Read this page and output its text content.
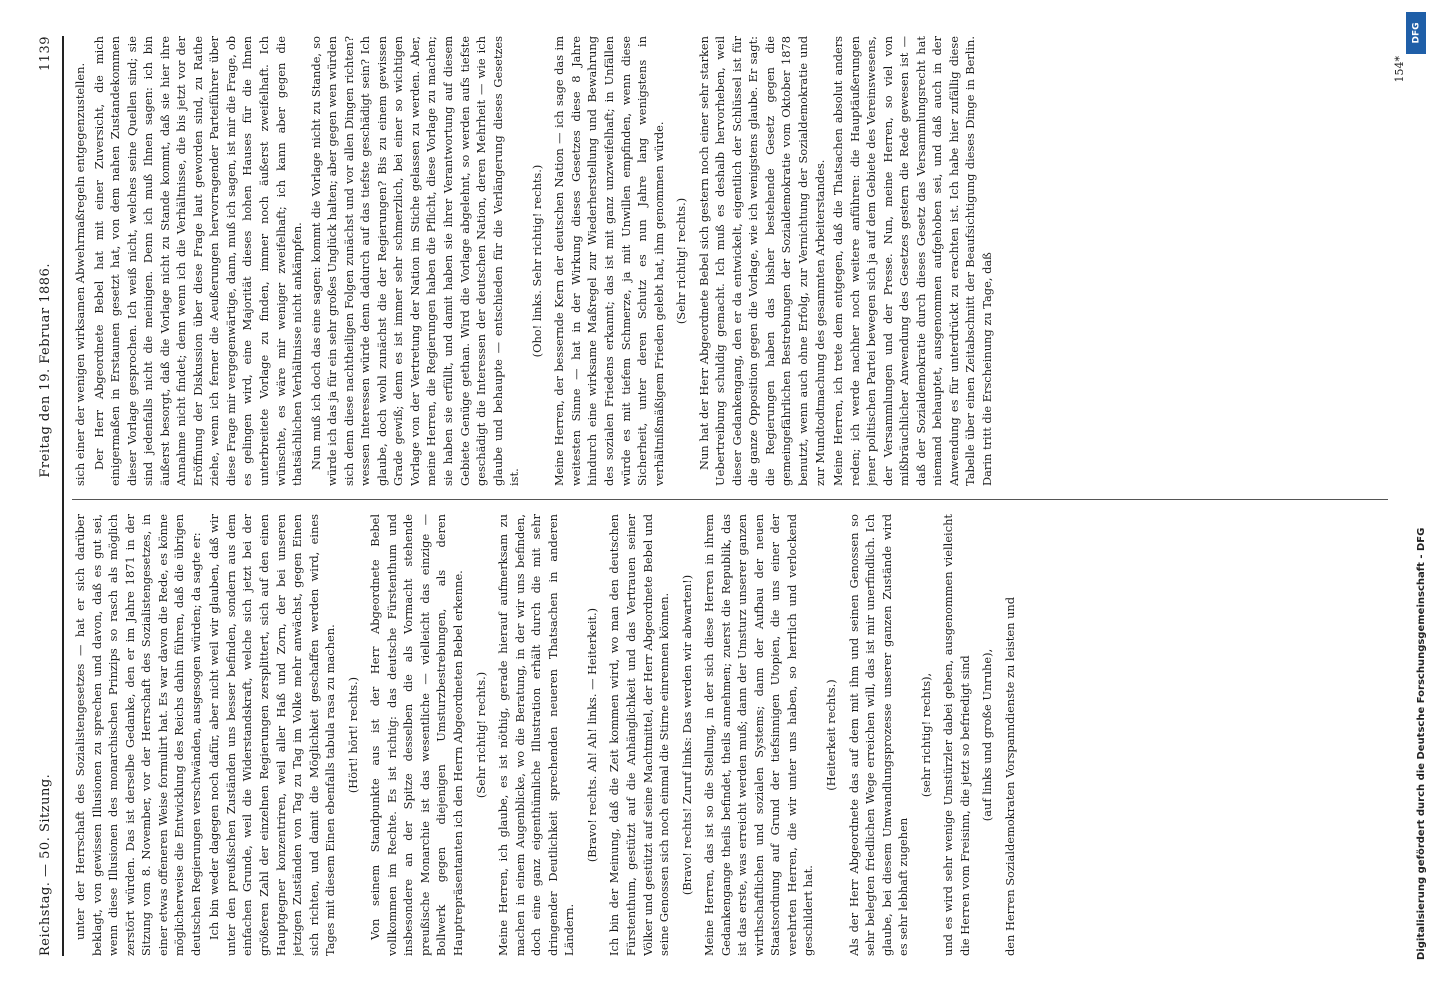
Reichstag. — 50. Sitzung.
Freitag den 19. Februar 1886.
1139

unter der Herrschaft des Sozialistengesetzes — hat er sich darüber beklagt, von gewissen Illusionen zu sprechen und davon, daß es gut sei, wenn diese Illusionen des monarchischen Prinzips so rasch als möglich zerstört würden. Das ist derselbe Gedanke, den er im Jahre 1871 in der Sitzung vom 8. November, vor der Herrschaft des Sozialistengesetzes, in einer etwas offeneren Weise formulirt hat. Es war davon die Rede, es könne möglicherweise die Entwicklung des Reichs dahin führen, daß die übrigen deutschen Regierungen verschwänden, ausgesogen würden; da sagte er: Ich bin weder dagegen noch dafür, aber nicht weil wir glauben, daß wir unter den preußischen Zuständen uns besser befinden, sondern aus dem einfachen Grunde, weil die Widerstandskraft, welche sich jetzt bei der größeren Zahl der einzelnen Regierungen zersplittert, sich auf den einen Hauptgegner konzentriren, weil aller Haß und Zorn, der bei unseren jetzigen Zuständen von Tag zu Tag im Volke mehr anwächst, gegen Einen sich richten, und damit die Möglichkeit geschaffen werden wird, eines Tages mit diesem Einen ebenfalls tabula rasa zu machen. (Hört! hört! rechts.) Von seinem Standpunkte aus ist der Herr Abgeordnete Bebel vollkommen im Rechte. Es ist richtig: das deutsche Fürstenthum und insbesondere an der Spitze desselben die als Vormacht stehende preußische Monarchie ist das wesentliche — vielleicht das einzige — Bollwerk gegen diejenigen Umsturzbestrebungen, als deren Hauptrepräsentanten ich den Herrn Abgeordneten Bebel erkenne. (Sehr richtig! rechts.) Meine Herren, ich glaube, es ist nöthig, gerade hierauf aufmerksam zu machen in einem Augenblicke, wo die Beratung, in der wir uns befinden, doch eine ganz eigenthümliche Illustration erhält durch die mit sehr dringender Deutlichkeit sprechenden neueren Thatsachen in anderen Ländern.

(Bravo! rechts. Ah! Ah! links. — Heiterkeit.) Ich bin der Meinung, daß die Zeit kommen wird, wo man den deutschen Fürstenthum, gestützt auf die Anhänglichkeit und das Vertrauen seiner Völker und gestützt auf seine Machtmittel, der Herr Abgeordnete Bebel und seine Genossen sich noch einmal die Stirne einrennen können. (Bravo! rechts! Zuruf links: Das werden wir abwarten!) Meine Herren, das ist so die Stellung, in der sich diese Herren in ihrem Gedankengange theils befindet, theils annehmen; zuerst die Republik, das ist das erste, was erreicht werden muß; dann der Umsturz unserer ganzen wirthschaftlichen und sozialen Systems; dann der Aufbau der neuen Staatsordnung auf Grund der tiefsinnigen Utopien, die uns einer der verehrten Herren, die wir unter uns haben, so herrlich und verlockend geschildert hat.

(Heiterkeit rechts.) Als der Herr Abgeordnete das auf dem mit ihm und seinen Genossen so sehr belegten friedlichen Wege erreichen will, das ist mir unerfindlich. Ich glaube, bei diesem Umwandlungsprozesse unserer ganzen Zustände wird es sehr lebhaft zugehen

(sehr richtig! rechts), und es wird sehr wenige Umstürzler dabei geben, ausgenommen vielleicht die Herren vom Freisinn, die jetzt so befriedigt sind (auf links und große Unruhe), den Herren Sozialdemokraten Vorspanndienste zu leisten und

sich einer der wenigen wirksamen Abwehrmaßregeln entgegenzustellen. Der Herr Abgeordnete Bebel hat mit einer Zuversicht, die mich einigermaßen in Erstaunen gesetzt hat, von dem nahen Zustandekommen dieser Vorlage gesprochen. Ich weiß nicht, welches seine Quellen sind; sie sind jedenfalls nicht die meinigen. Denn ich muß Ihnen sagen: ich bin äußerst besorgt, daß die Vorlage nicht zu Stande kommt, daß sie hier ihre Annahme nicht findet; denn wenn ich die Verhältnisse, die bis jetzt vor der Eröffnung der Diskussion über diese Frage laut geworden sind, zu Rathe ziehe, wenn ich ferner die Aeußerungen hervorragender Parteiführer über diese Frage mir vergegenwärtige, dann, muß ich sagen, ist mir die Frage, ob es gelingen wird, eine Majorität dieses hohen Hauses für die Ihnen unterbreitete Vorlage zu finden, immer noch äußerst zweifelhaft. Ich wünschte, es wäre mir weniger zweifelhaft; ich kann aber gegen die thatsächlichen Verhältnisse nicht ankämpfen. Nun muß ich doch das eine sagen: kommt die Vorlage nicht zu Stande, so würde ich das ja für ein sehr großes Unglück halten; aber gegen wen würden sich denn diese nachtheiligen Folgen zunächst und vor allen Dingen richten? wessen Interessen würde denn dadurch auf das tiefste geschädigt sein? Ich glaube, doch wohl zunächst die der Regierungen? Bis zu einem gewissen Grade gewiß; denn es ist immer sehr schmerzlich, bei einer so wichtigen Vorlage von der Vertretung der Nation im Stiche gelassen zu werden. Aber, meine Herren, die Regierungen haben die Pflicht, diese Vorlage zu machen; sie haben sie erfüllt, und damit haben sie ihrer Verantwortung auf diesem Gebiete Genüge gethan. Wird die Vorlage abgelehnt, so werden aufs tiefste geschädigt die Interessen der deutschen Nation, deren Mehrheit — wie ich glaube und behaupte — entschieden für die Verlängerung dieses Gesetzes ist.

(Oho! links. Sehr richtig! rechts.) Meine Herren, der bessernde Kern der deutschen Nation — ich sage das im weitesten Sinne — hat in der Wirkung dieses Gesetzes diese 8 Jahre hindurch eine wirksame Maßregel zur Wiederherstellung und Bewahrung des sozialen Friedens erkannt; das ist mit ganz unzweifelhaft; in Unfällen würde es mit tiefem Schmerze, ja mit Unwillen empfinden, wenn diese Sicherheit, unter deren Schutz es nun Jahre lang wenigstens in verhältnißmäßigem Frieden gelebt hat, ihm genommen würde. (Sehr richtig! rechts.) Nun hat der Herr Abgeordnete Bebel sich gestern noch einer sehr starken Uebertreibung schuldig gemacht. Ich muß es deshalb hervorheben, weil dieser Gedankengang, den er da entwickelt, eigentlich der Schlüssel ist für die ganze Opposition gegen die Vorlage, wie ich wenigstens glaube. Er sagt: die Regierungen haben das bisher bestehende Gesetz gegen die gemeingefährlichen Bestrebungen der Sozialdemokratie vom Oktober 1878 benutzt, wenn auch ohne Erfolg, zur Vernichtung der Sozialdemokratie und zur Mundtodtmachung des gesammten Arbeiterstandes. Meine Herren, ich trete dem entgegen, daß die Thatsachen absolut anders reden; ich werde nachher noch weitere anführen: die Hauptäußerungen jener politischen Partei bewegen sich ja auf dem Gebiete des Vereinswesens, der Versammlungen und der Presse. Nun, meine Herren, so viel von mißbräuchlicher Anwendung des Gesetzes gestern die Rede gewesen ist — daß der Sozialdemokratie durch dieses Gesetz das Versammlungsrecht hat niemand behauptet, ausgenommen aufgehoben sei, und daß auch in der Anwendung es für unterdrückt zu erachten ist. Ich habe hier zufällig diese Tabelle über einen Zeitabschnitt der Beaufsichtigung dieses Dinge in Berlin. Darin tritt die Erscheinung zu Tage, daß

154*
DFG
Digitalisierung gefördert durch die Deutsche Forschungsgemeinschaft - DFG
